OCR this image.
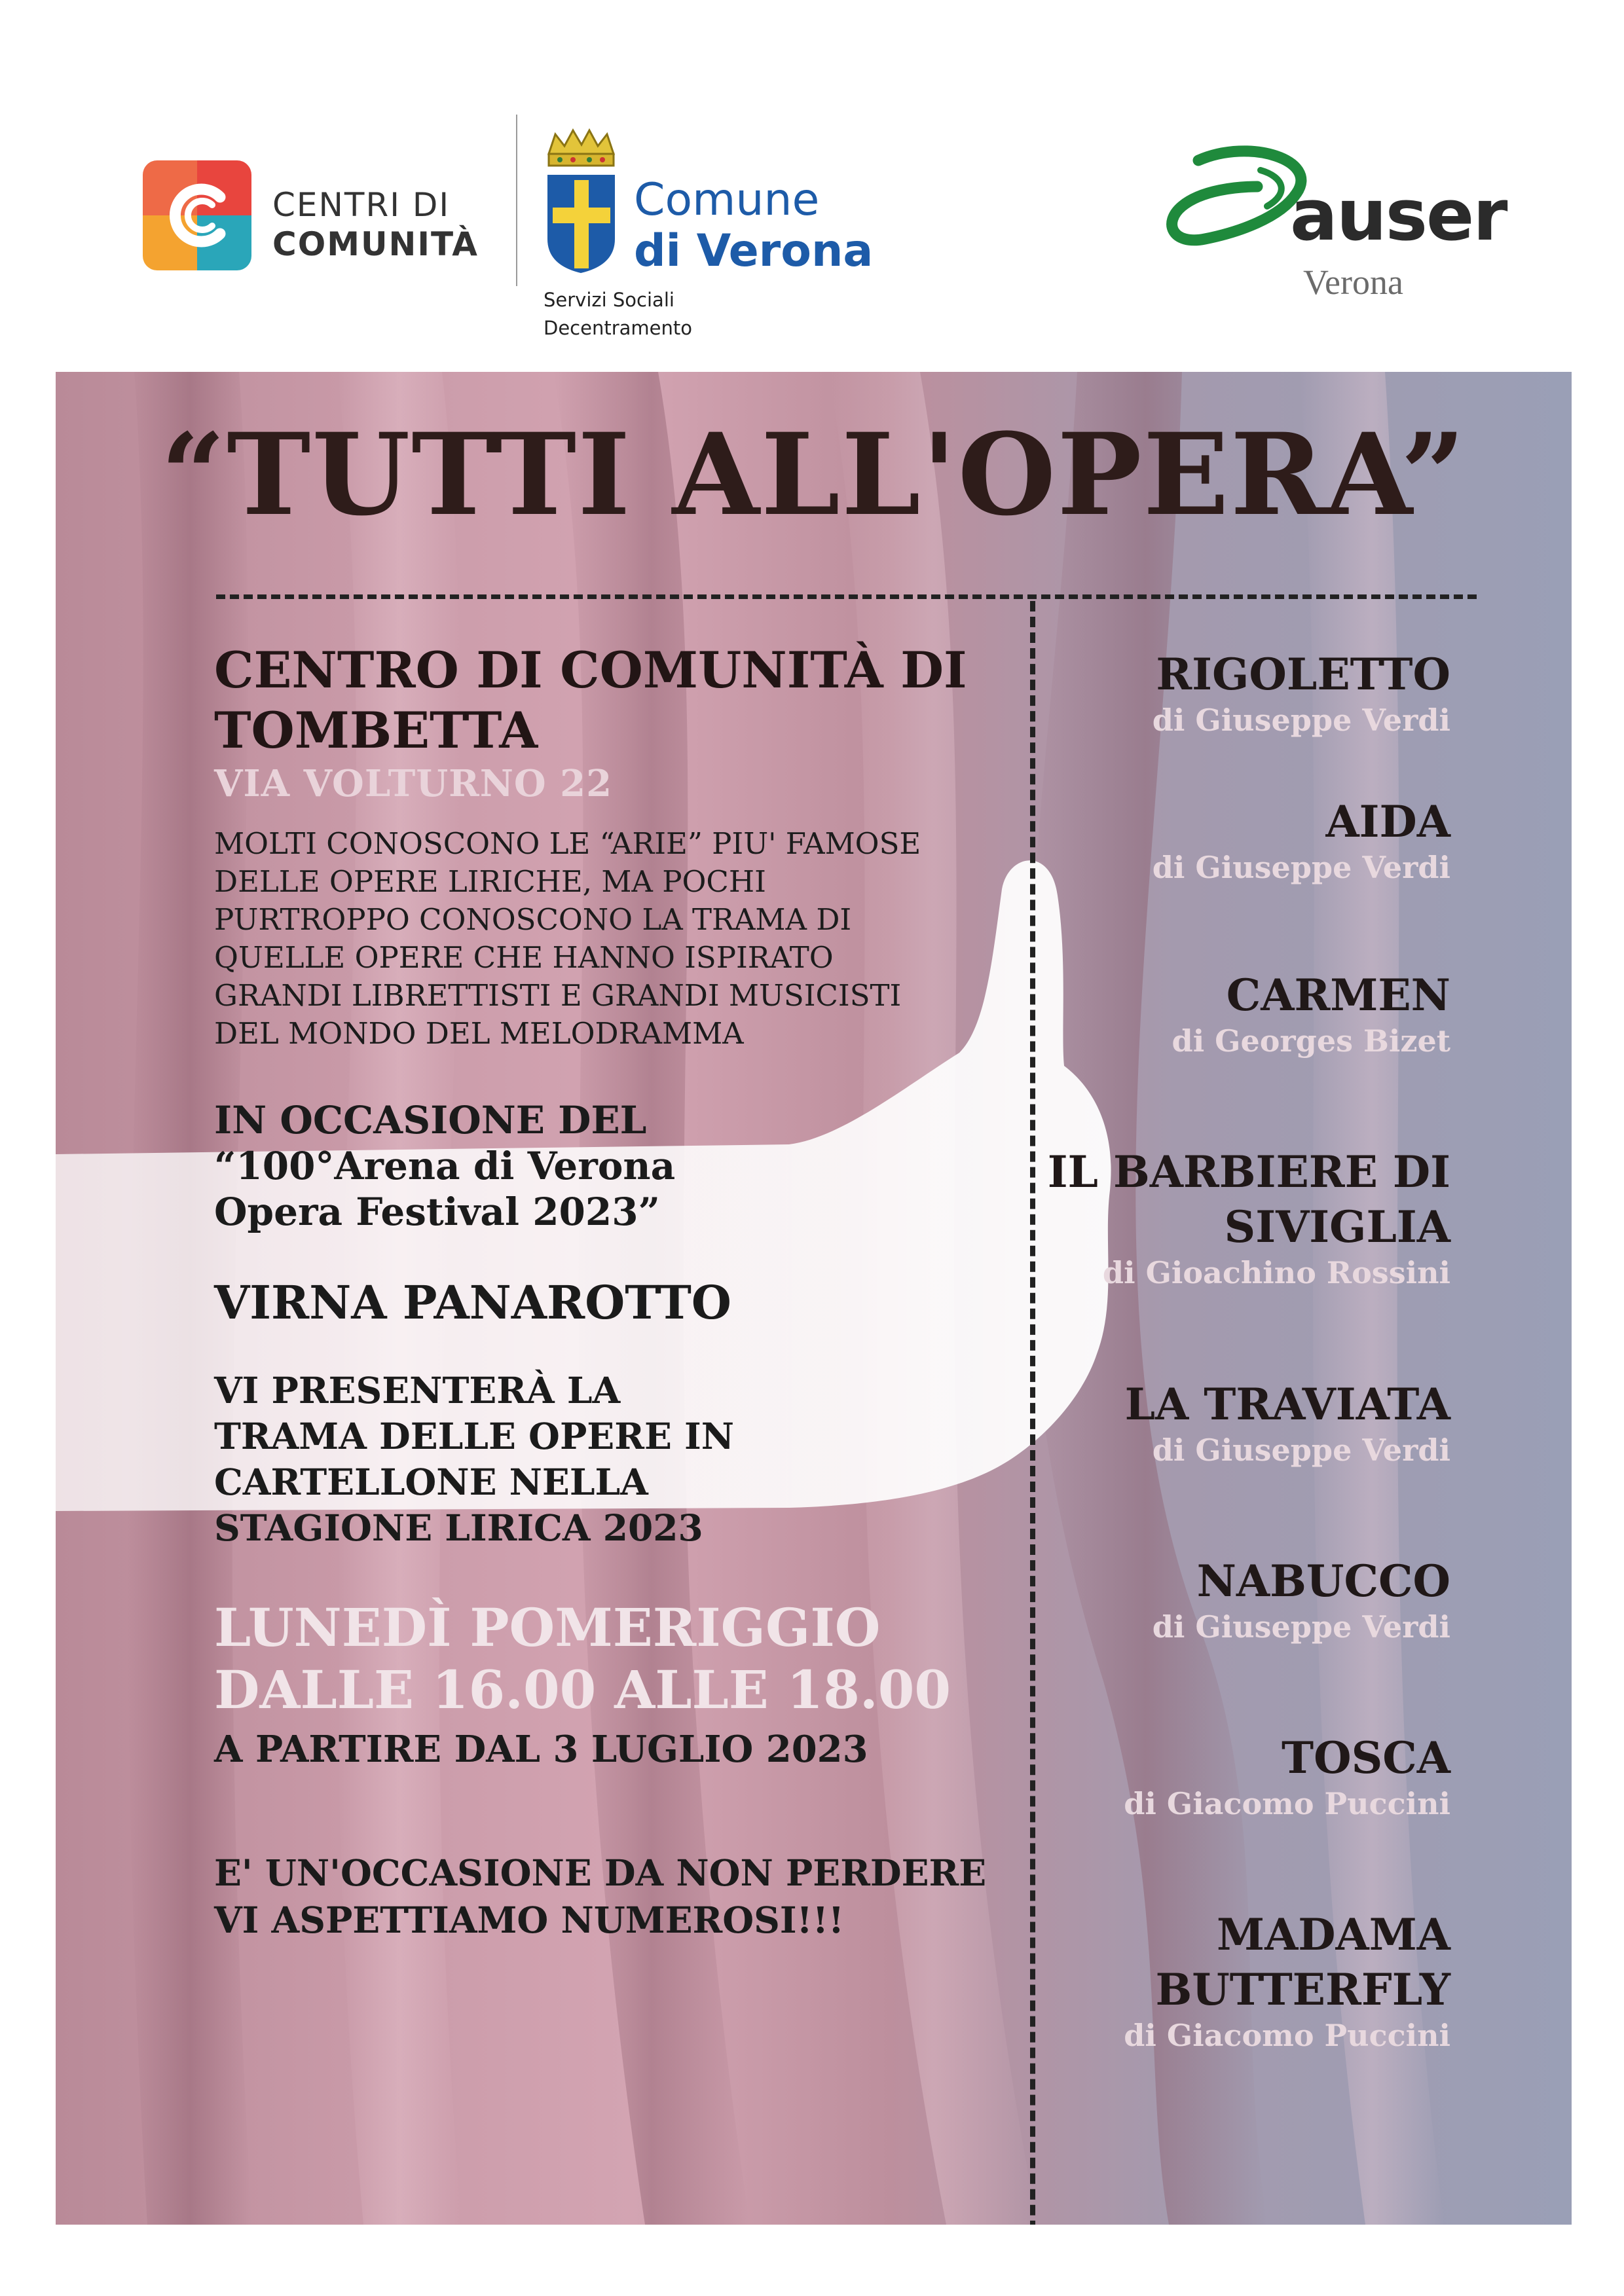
CENTRI DI
COMUNITÀ
Comune
di Verona
Servizi Sociali
Decentramento
auser
Verona
“TUTTI ALL'OPERA”
CENTRO DI COMUNITÀ DI TOMBETTA
VIA VOLTURNO 22
MOLTI CONOSCONO LE “ARIE” PIU' FAMOSE
DELLE OPERE LIRICHE, MA POCHI
PURTROPPO CONOSCONO LA TRAMA DI
QUELLE OPERE CHE HANNO ISPIRATO
GRANDI LIBRETTISTI E GRANDI MUSICISTI
DEL MONDO DEL MELODRAMMA
IN OCCASIONE DEL
“100°Arena di Verona
Opera Festival 2023”
VIRNA PANAROTTO
VI PRESENTERÀ LA
TRAMA DELLE OPERE IN
CARTELLONE NELLA
STAGIONE LIRICA 2023
LUNEDÌ POMERIGGIO
DALLE 16.00 ALLE 18.00
A PARTIRE DAL 3 LUGLIO 2023
E' UN'OCCASIONE DA NON PERDERE
VI ASPETTIAMO NUMEROSI!!!
RIGOLETTO
di Giuseppe Verdi
AIDA
di Giuseppe Verdi
CARMEN
di Georges Bizet
IL BARBIERE DI
SIVIGLIA
di Gioachino Rossini
LA TRAVIATA
di Giuseppe Verdi
NABUCCO
di Giuseppe Verdi
TOSCA
di Giacomo Puccini
MADAMA
BUTTERFLY
di Giacomo Puccini
